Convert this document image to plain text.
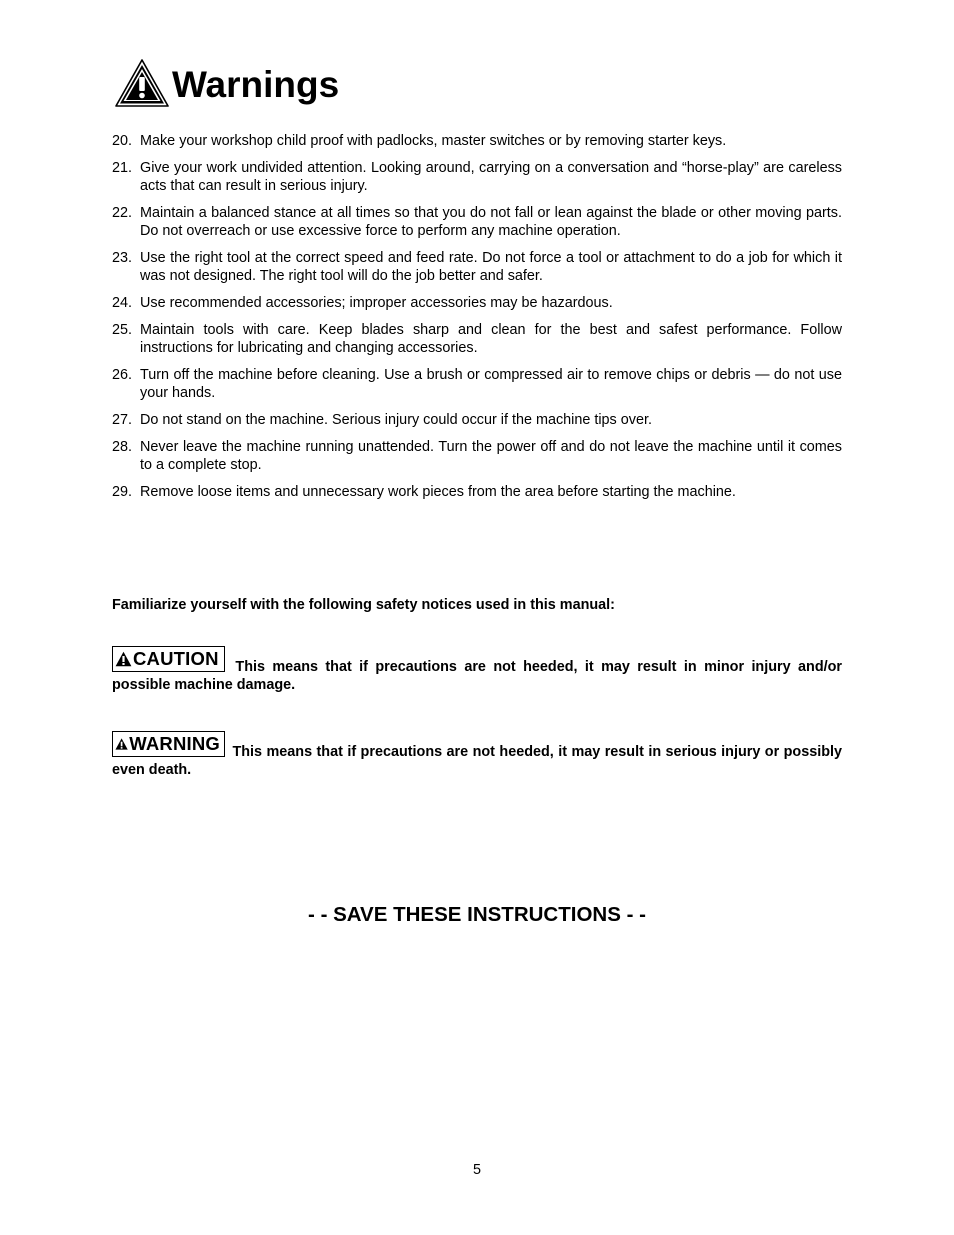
Warnings
20. Make your workshop child proof with padlocks, master switches or by removing starter keys.
21. Give your work undivided attention. Looking around, carrying on a conversation and “horse-play” are careless acts that can result in serious injury.
22. Maintain a balanced stance at all times so that you do not fall or lean against the blade or other moving parts. Do not overreach or use excessive force to perform any machine operation.
23. Use the right tool at the correct speed and feed rate. Do not force a tool or attachment to do a job for which it was not designed. The right tool will do the job better and safer.
24. Use recommended accessories; improper accessories may be hazardous.
25. Maintain tools with care. Keep blades sharp and clean for the best and safest performance. Follow instructions for lubricating and changing accessories.
26. Turn off the machine before cleaning. Use a brush or compressed air to remove chips or debris — do not use your hands.
27. Do not stand on the machine. Serious injury could occur if the machine tips over.
28. Never leave the machine running unattended. Turn the power off and do not leave the machine until it comes to a complete stop.
29. Remove loose items and unnecessary work pieces from the area before starting the machine.
Familiarize yourself with the following safety notices used in this manual:
CAUTION This means that if precautions are not heeded, it may result in minor injury and/or possible machine damage.
WARNING This means that if precautions are not heeded, it may result in serious injury or possibly even death.
- - SAVE THESE INSTRUCTIONS - -
5
